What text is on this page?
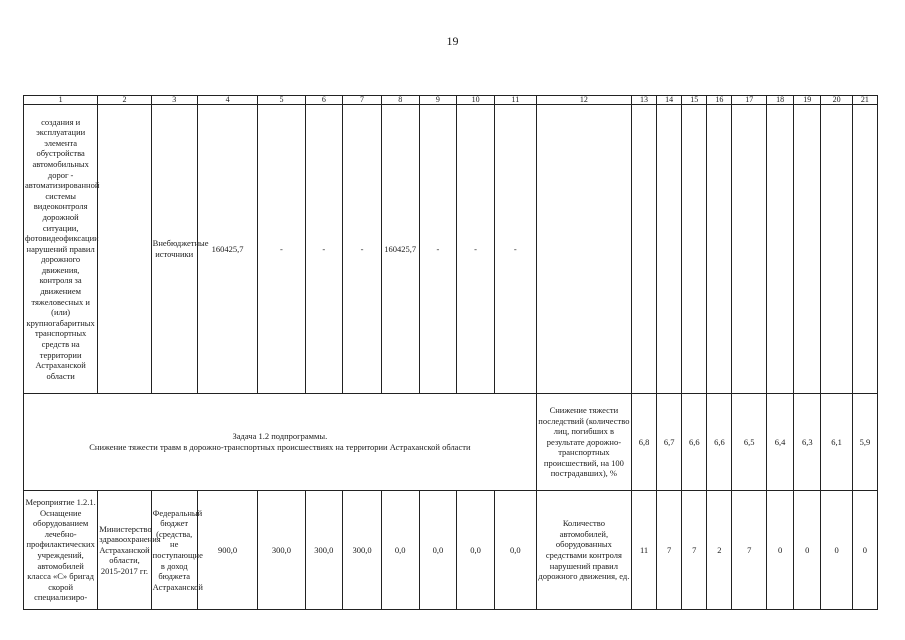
19
1	2	3	4	5	6	7	8	9	10	11	12	13	14	15	16	17	18	19	20	21
создания и эксплуатации элемента обустройства автомобильных дорог - автоматизированной системы видеоконтроля дорожной ситуации, фотовидеофиксации нарушений правил дорожного движения, контроля за движением тяжеловесных и (или) крупногабаритных транспортных средств на территории Астраханской области		Внебюджетные источники	160425,7	-	-	-	160425,7	-	-	-										

Задача 1.2 подпрограммы.
Снижение тяжести травм в дорожно-транспортных происшествиях на территории Астраханской области											Снижение тяжести последствий (количество лиц, погибших в результате дорожно-транспортных происшествий, на 100 пострадавших), %	6,8	6,7	6,6	6,6	6,5	6,4	6,3	6,1	5,9
Мероприятие 1.2.1. Оснащение оборудованием лечебно-профилактических учреждений, автомобилей класса «С» бригад скорой специализиро-	Министерство здравоохранения Астраханской области, 2015-2017 гг.	Федеральный бюджет (средства, не поступающие в доход бюджета Астраханской	900,0	300,0	300,0	300,0	0,0	0,0	0,0	0,0	Количество автомобилей, оборудованных средствами контроля нарушений правил дорожного движения, ед.	11	7	7	2	7	0	0	0	0
